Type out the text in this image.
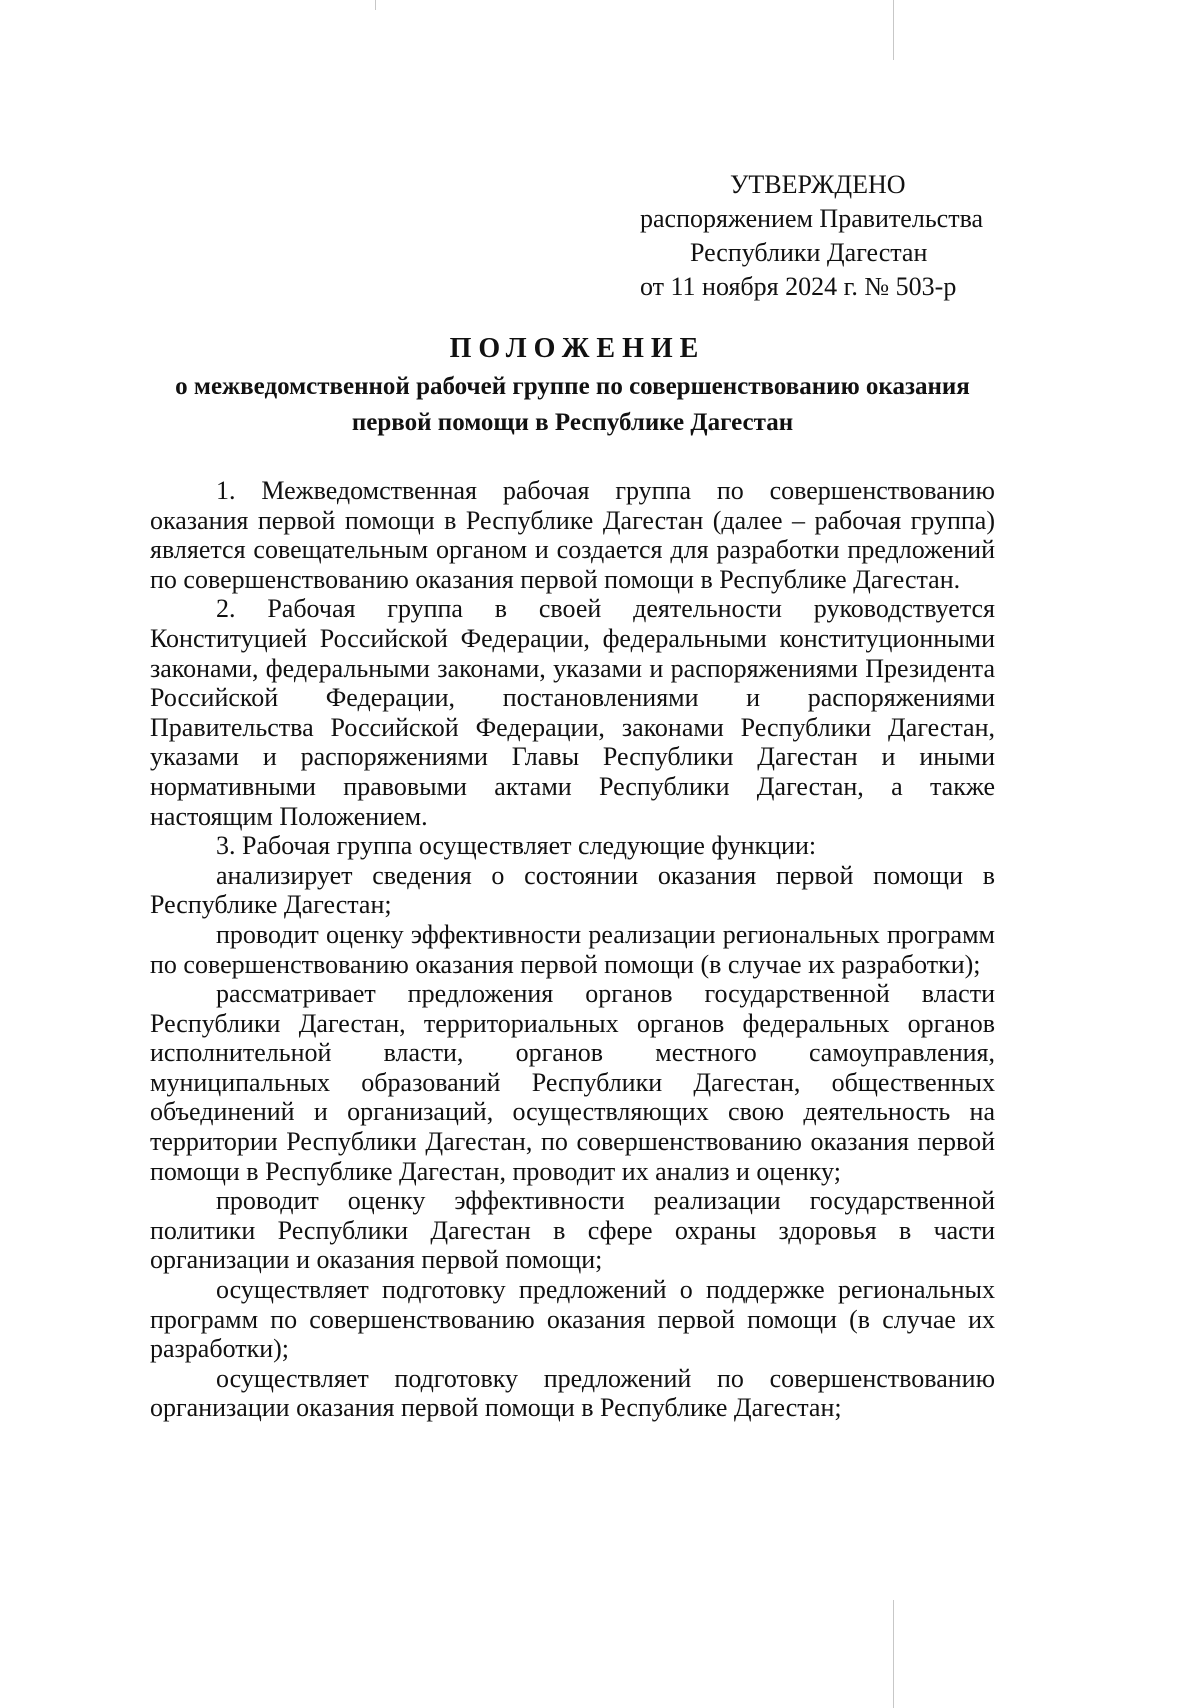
УТВЕРЖДЕНО
распоряжением Правительства
Республики Дагестан
от 11 ноября 2024 г. № 503-р
ПОЛОЖЕНИЕ
о межведомственной рабочей группе по совершенствованию оказания
первой помощи в Республике Дагестан

1. Межведомственная рабочая группа по совершенствованию оказания первой помощи в Республике Дагестан (далее – рабочая группа) является совещательным органом и создается для разработки предложений по совершенствованию оказания первой помощи в Республике Дагестан.

2. Рабочая группа в своей деятельности руководствуется Конституцией Российской Федерации, федеральными конституционными законами, федеральными законами, указами и распоряжениями Президента Российской Федерации, постановлениями и распоряжениями Правительства Российской Федерации, законами Республики Дагестан, указами и распоряжениями Главы Республики Дагестан и иными нормативными правовыми актами Республики Дагестан, а также настоящим Положением.

3. Рабочая группа осуществляет следующие функции:

анализирует сведения о состоянии оказания первой помощи в Республике Дагестан;

проводит оценку эффективности реализации региональных программ по совершенствованию оказания первой помощи (в случае их разработки);

рассматривает предложения органов государственной власти Республики Дагестан, территориальных органов федеральных органов исполнительной власти, органов местного самоуправления, муниципальных образований Республики Дагестан, общественных объединений и организаций, осуществляющих свою деятельность на территории Республики Дагестан, по совершенствованию оказания первой помощи в Республике Дагестан, проводит их анализ и оценку;

проводит оценку эффективности реализации государственной политики Республики Дагестан в сфере охраны здоровья в части организации и оказания первой помощи;

осуществляет подготовку предложений о поддержке региональных программ по совершенствованию оказания первой помощи (в случае их разработки);

осуществляет подготовку предложений по совершенствованию организации оказания первой помощи в Республике Дагестан;
